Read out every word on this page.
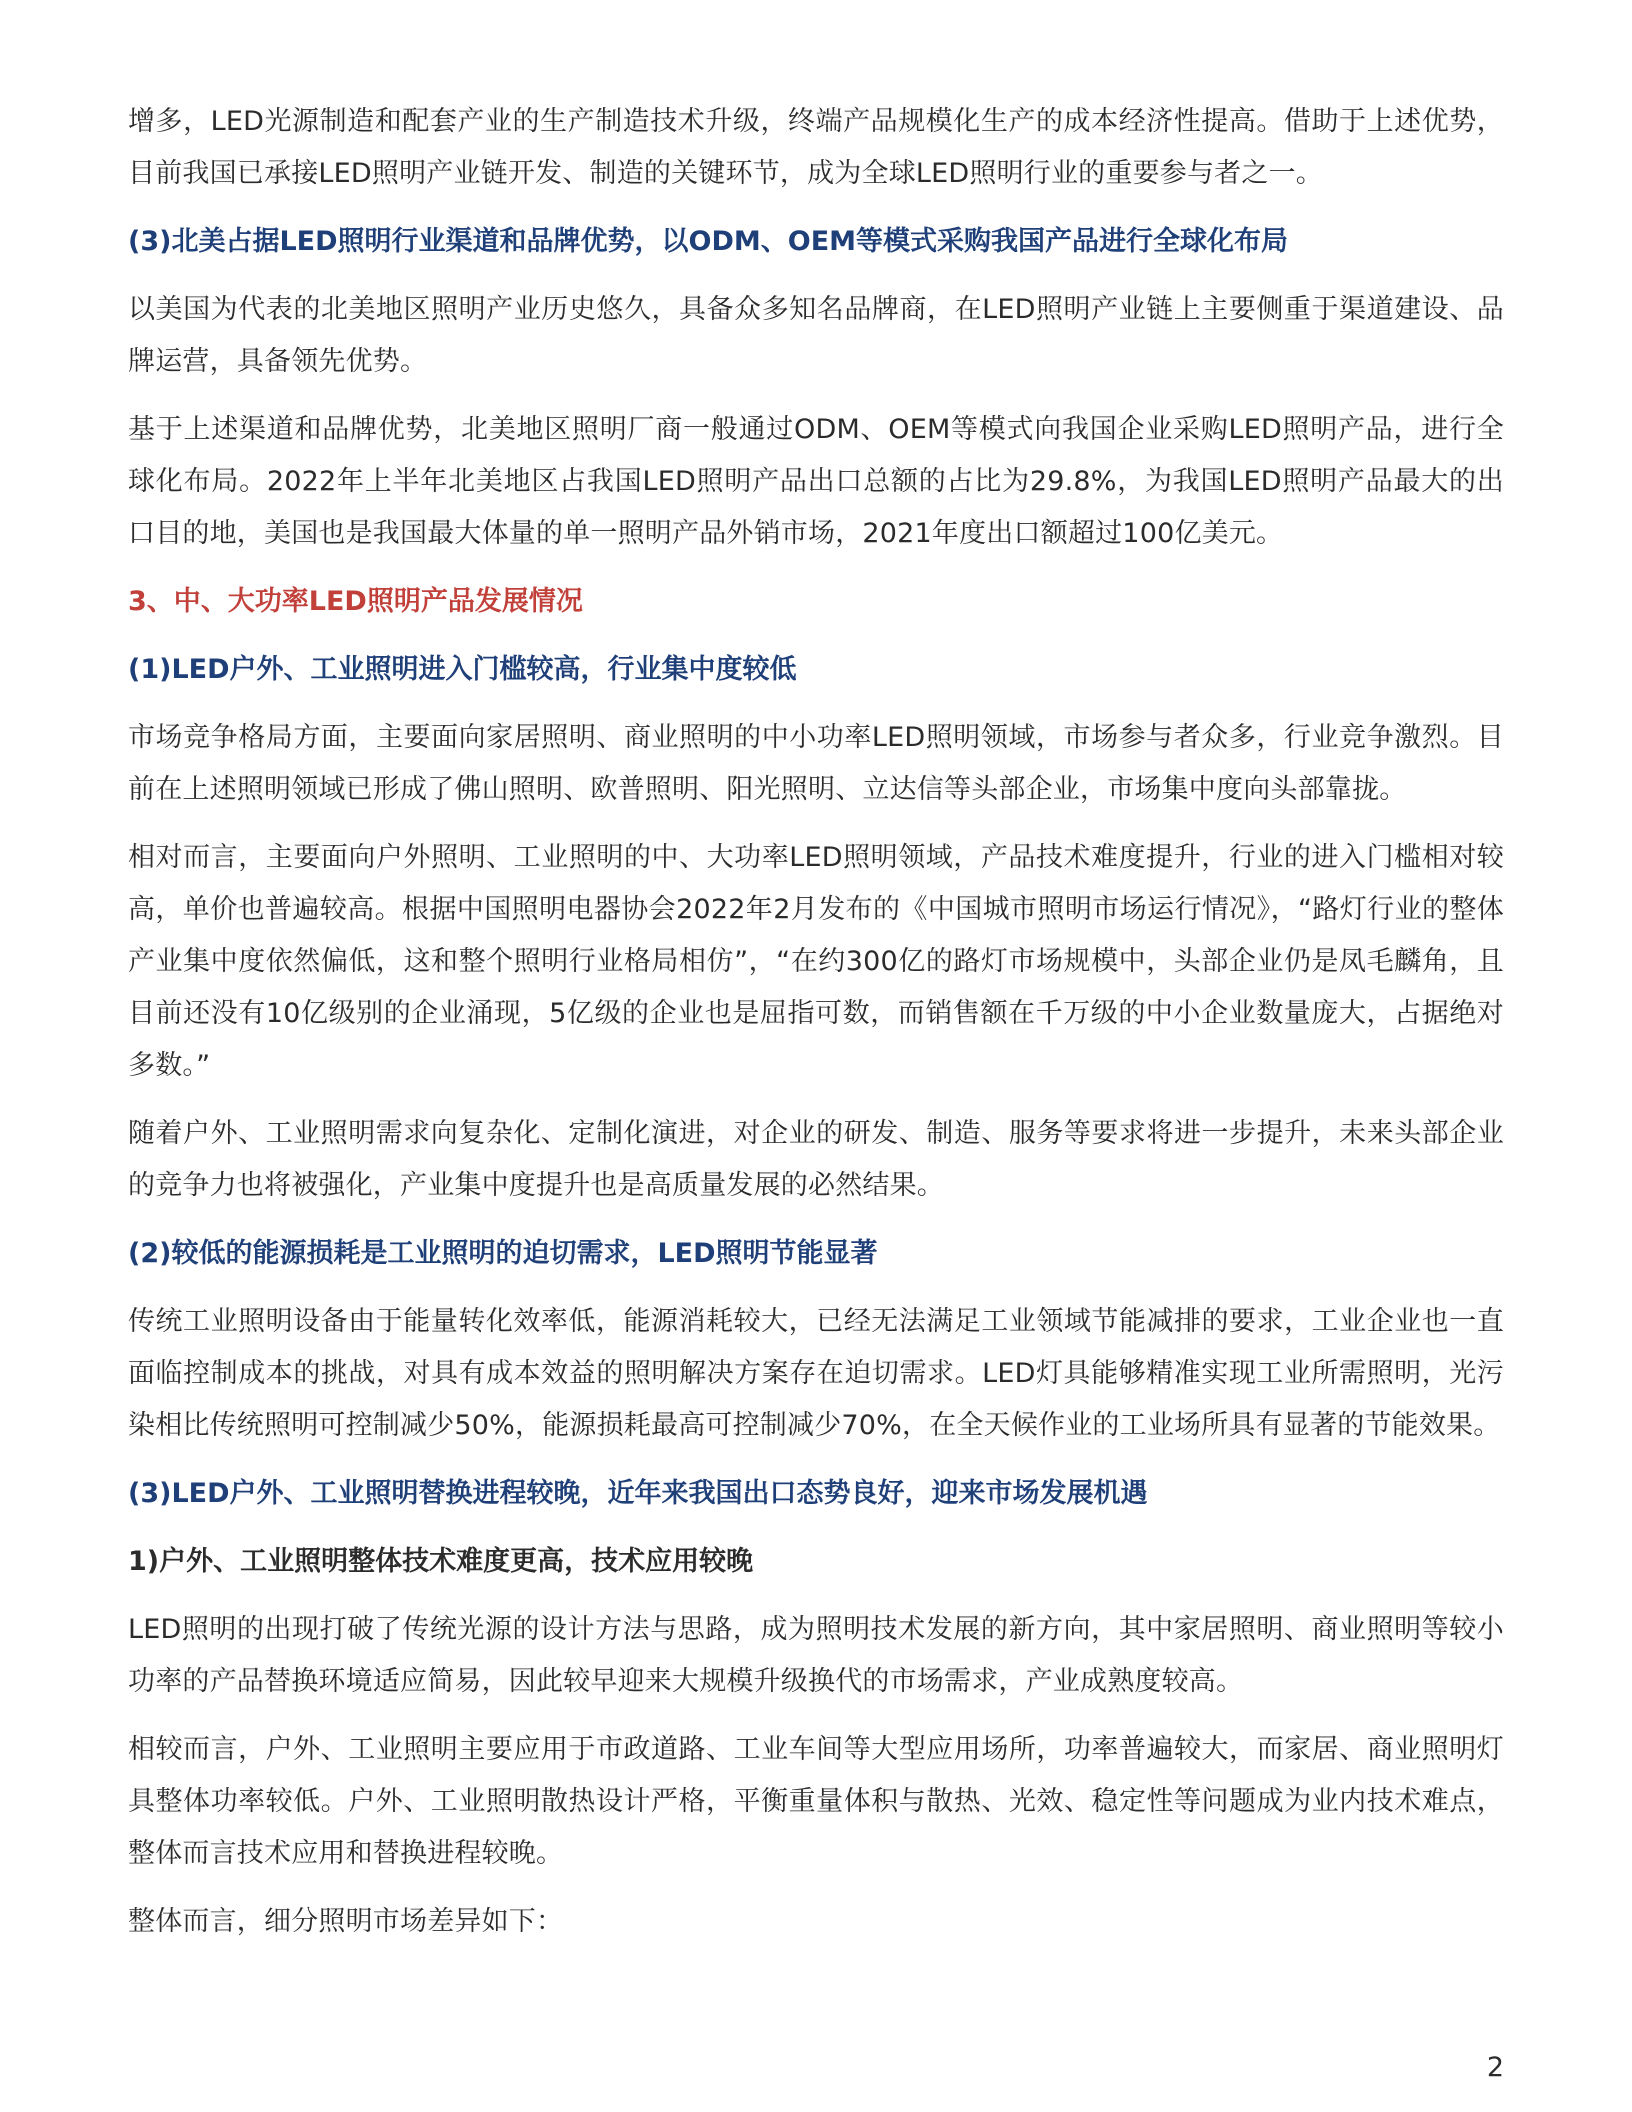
增多，LED光源制造和配套产业的生产制造技术升级，终端产品规模化生产的成本经济性提高。借助于上述优势，目前我国已承接LED照明产业链开发、制造的关键环节，成为全球LED照明行业的重要参与者之一。

(3)北美占据LED照明行业渠道和品牌优势，以ODM、OEM等模式采购我国产品进行全球化布局

以美国为代表的北美地区照明产业历史悠久，具备众多知名品牌商，在LED照明产业链上主要侧重于渠道建设、品牌运营，具备领先优势。

基于上述渠道和品牌优势，北美地区照明厂商一般通过ODM、OEM等模式向我国企业采购LED照明产品，进行全球化布局。2022年上半年北美地区占我国LED照明产品出口总额的占比为29.8%，为我国LED照明产品最大的出口目的地，美国也是我国最大体量的单一照明产品外销市场，2021年度出口额超过100亿美元。

3、中、大功率LED照明产品发展情况

(1)LED户外、工业照明进入门槛较高，行业集中度较低

市场竞争格局方面，主要面向家居照明、商业照明的中小功率LED照明领域，市场参与者众多，行业竞争激烈。目前在上述照明领域已形成了佛山照明、欧普照明、阳光照明、立达信等头部企业，市场集中度向头部靠拢。

相对而言，主要面向户外照明、工业照明的中、大功率LED照明领域，产品技术难度提升，行业的进入门槛相对较高，单价也普遍较高。根据中国照明电器协会2022年2月发布的《中国城市照明市场运行情况》，“路灯行业的整体产业集中度依然偏低，这和整个照明行业格局相仿”，“在约300亿的路灯市场规模中，头部企业仍是凤毛麟角，且目前还没有10亿级别的企业涌现，5亿级的企业也是屈指可数，而销售额在千万级的中小企业数量庞大，占据绝对多数。”

随着户外、工业照明需求向复杂化、定制化演进，对企业的研发、制造、服务等要求将进一步提升，未来头部企业的竞争力也将被强化，产业集中度提升也是高质量发展的必然结果。

(2)较低的能源损耗是工业照明的迫切需求，LED照明节能显著

传统工业照明设备由于能量转化效率低，能源消耗较大，已经无法满足工业领域节能减排的要求，工业企业也一直面临控制成本的挑战，对具有成本效益的照明解决方案存在迫切需求。LED灯具能够精准实现工业所需照明，光污染相比传统照明可控制减少50%，能源损耗最高可控制减少70%，在全天候作业的工业场所具有显著的节能效果。

(3)LED户外、工业照明替换进程较晚，近年来我国出口态势良好，迎来市场发展机遇

1)户外、工业照明整体技术难度更高，技术应用较晚

LED照明的出现打破了传统光源的设计方法与思路，成为照明技术发展的新方向，其中家居照明、商业照明等较小功率的产品替换环境适应简易，因此较早迎来大规模升级换代的市场需求，产业成熟度较高。

相较而言，户外、工业照明主要应用于市政道路、工业车间等大型应用场所，功率普遍较大，而家居、商业照明灯具整体功率较低。户外、工业照明散热设计严格，平衡重量体积与散热、光效、稳定性等问题成为业内技术难点，整体而言技术应用和替换进程较晚。

整体而言，细分照明市场差异如下：

2
